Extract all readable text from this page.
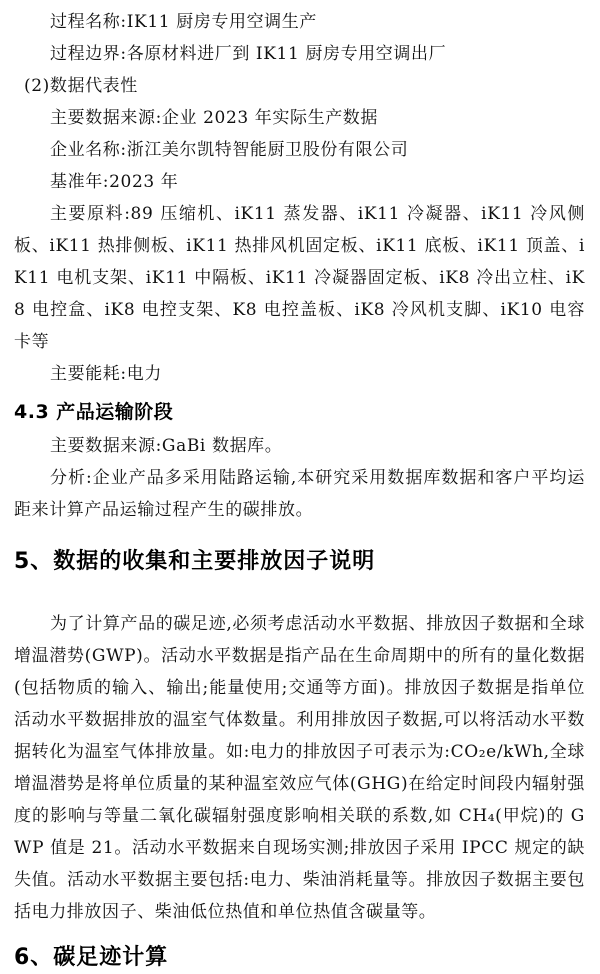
过程名称:IK11 厨房专用空调生产

过程边界:各原材料进厂到 IK11 厨房专用空调出厂

(2)数据代表性

主要数据来源:企业 2023 年实际生产数据

企业名称:浙江美尔凯特智能厨卫股份有限公司

基准年:2023 年

主要原料:89 压缩机、iK11 蒸发器、iK11 冷凝器、iK11 冷风侧板、iK11 热排侧板、iK11 热排风机固定板、iK11 底板、iK11 顶盖、iK11 电机支架、iK11 中隔板、iK11 冷凝器固定板、iK8 冷出立柱、iK8 电控盒、iK8 电控支架、K8 电控盖板、iK8 冷风机支脚、iK10 电容卡等

主要能耗:电力

4.3 产品运输阶段

主要数据来源:GaBi 数据库。

分析:企业产品多采用陆路运输,本研究采用数据库数据和客户平均运距来计算产品运输过程产生的碳排放。

5、数据的收集和主要排放因子说明

为了计算产品的碳足迹,必须考虑活动水平数据、排放因子数据和全球增温潜势(GWP)。活动水平数据是指产品在生命周期中的所有的量化数据(包括物质的输入、输出;能量使用;交通等方面)。排放因子数据是指单位活动水平数据排放的温室气体数量。利用排放因子数据,可以将活动水平数据转化为温室气体排放量。如:电力的排放因子可表示为:CO₂e/kWh,全球增温潜势是将单位质量的某种温室效应气体(GHG)在给定时间段内辐射强度的影响与等量二氧化碳辐射强度影响相关联的系数,如 CH₄(甲烷)的 GWP 值是 21。活动水平数据来自现场实测;排放因子采用 IPCC 规定的缺失值。活动水平数据主要包括:电力、柴油消耗量等。排放因子数据主要包括电力排放因子、柴油低位热值和单位热值含碳量等。

6、碳足迹计算
